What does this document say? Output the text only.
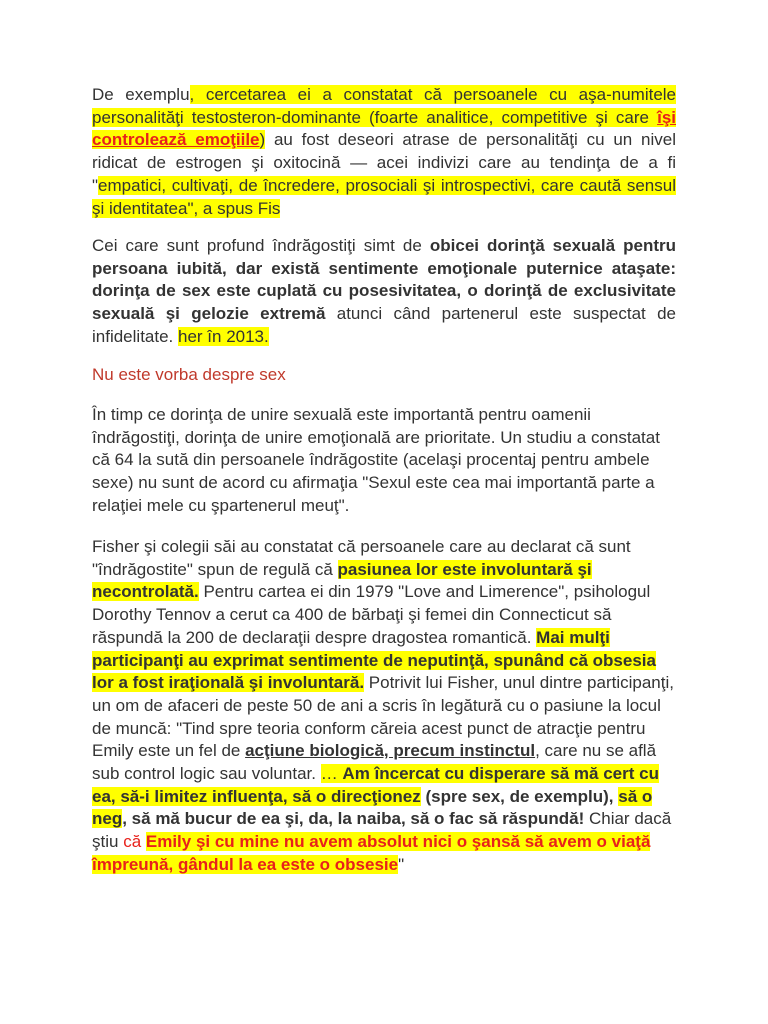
De exemplu, cercetarea ei a constatat că persoanele cu aşa-numitele personalităţi testosteron-dominante (foarte analitice, competitive şi care îşi controlează emoţiile) au fost deseori atrase de personalităţi cu un nivel ridicat de estrogen şi oxitocină — acei indivizi care au tendinţa de a fi "empatici, cultivaţi, de încredere, prosociali şi introspectivi, care caută sensul şi identitatea", a spus Fis

Cei care sunt profund îndrăgostiţi simt de obicei dorinţă sexuală pentru persoana iubită, dar există sentimente emoţionale puternice ataşate: dorinţa de sex este cuplată cu posesivitatea, o dorinţă de exclusivitate sexuală şi gelozie extremă atunci când partenerul este suspectat de infidelitate. her în 2013.

Nu este vorba despre sex

În timp ce dorinţa de unire sexuală este importantă pentru oamenii îndrăgostiţi, dorinţa de unire emoţională are prioritate. Un studiu a constatat că 64 la sută din persoanele îndrăgostite (acelaşi procentaj pentru ambele sexe) nu sunt de acord cu afirmaţia "Sexul este cea mai importantă parte a relaţiei mele cu şpartenerul meuţ".

Fisher şi colegii săi au constatat că persoanele care au declarat că sunt "îndrăgostite" spun de regulă că pasiunea lor este involuntară şi necontrolată. Pentru cartea ei din 1979 "Love and Limerence", psihologul Dorothy Tennov a cerut ca 400 de bărbaţi şi femei din Connecticut să răspundă la 200 de declaraţii despre dragostea romantică. Mai mulţi participanţi au exprimat sentimente de neputinţă, spunând că obsesia lor a fost iraţională şi involuntară. Potrivit lui Fisher, unul dintre participanţi, un om de afaceri de peste 50 de ani a scris în legătură cu o pasiune la locul de muncă: "Tind spre teoria conform căreia acest punct de atracţie pentru Emily este un fel de acţiune biologică, precum instinctul, care nu se află sub control logic sau voluntar. … Am încercat cu disperare să mă cert cu ea, să-i limitez influenţa, să o direcţionez (spre sex, de exemplu), să o neg, să mă bucur de ea şi, da, la naiba, să o fac să răspundă! Chiar dacă ştiu că Emily şi cu mine nu avem absolut nici o şansă să avem o viaţă împreună, gândul la ea este o obsesie"
